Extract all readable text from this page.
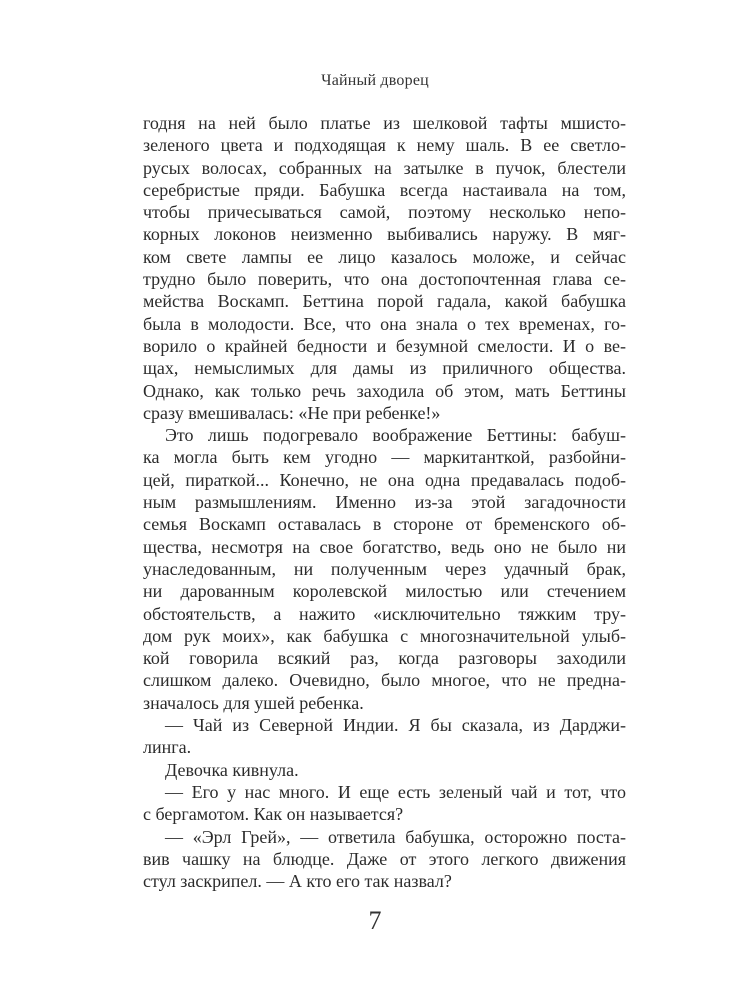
Чайный дворец
годня на ней было платье из шелковой тафты мшисто-
зеленого цвета и подходящая к нему шаль. В ее светло-
русых волосах, собранных на затылке в пучок, блестели
серебристые пряди. Бабушка всегда настаивала на том,
чтобы причесываться самой, поэтому несколько непо-
корных локонов неизменно выбивались наружу. В мяг-
ком свете лампы ее лицо казалось моложе, и сейчас
трудно было поверить, что она достопочтенная глава се-
мейства Воскамп. Беттина порой гадала, какой бабушка
была в молодости. Все, что она знала о тех временах, го-
ворило о крайней бедности и безумной смелости. И о ве-
щах, немыслимых для дамы из приличного общества.
Однако, как только речь заходила об этом, мать Беттины
сразу вмешивалась: «Не при ребенке!»
Это лишь подогревало воображение Беттины: бабуш-
ка могла быть кем угодно — маркитанткой, разбойни-
цей, пираткой... Конечно, не она одна предавалась подоб-
ным размышлениям. Именно из-за этой загадочности
семья Воскамп оставалась в стороне от бременского об-
щества, несмотря на свое богатство, ведь оно не было ни
унаследованным, ни полученным через удачный брак,
ни дарованным королевской милостью или стечением
обстоятельств, а нажито «исключительно тяжким тру-
дом рук моих», как бабушка с многозначительной улыб-
кой говорила всякий раз, когда разговоры заходили
слишком далеко. Очевидно, было многое, что не предна-
значалось для ушей ребенка.
— Чай из Северной Индии. Я бы сказала, из Дарджи-
линга.
Девочка кивнула.
— Его у нас много. И еще есть зеленый чай и тот, что
с бергамотом. Как он называется?
— «Эрл Грей», — ответила бабушка, осторожно поста-
вив чашку на блюдце. Даже от этого легкого движения
стул заскрипел. — А кто его так назвал?
7
